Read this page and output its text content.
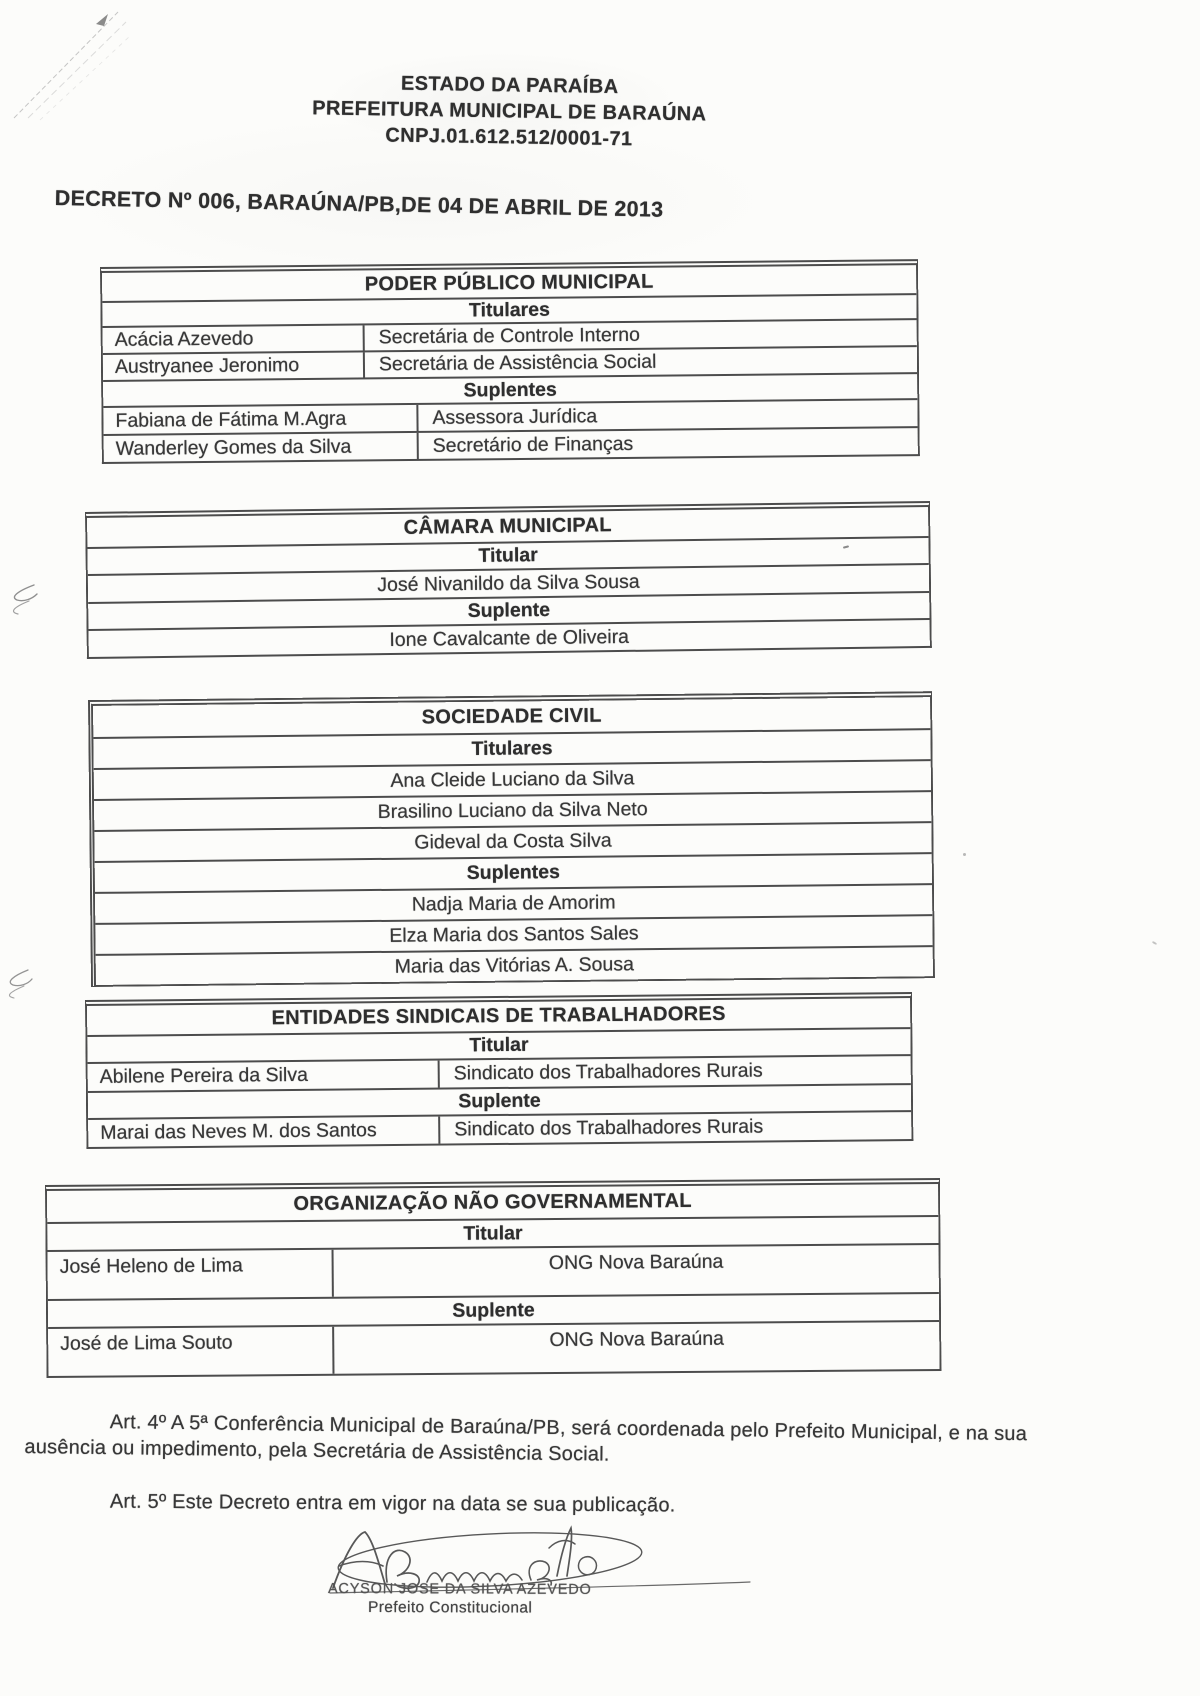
ESTADO DA PARAÍBA
PREFEITURA MUNICIPAL DE BARAÚNA
CNPJ.01.612.512/0001-71
DECRETO Nº 006, BARAÚNA/PB,DE 04 DE ABRIL DE 2013
PODER PÚBLICO MUNICIPAL
Titulares
Acácia Azevedo	Secretária de Controle Interno
Austryanee Jeronimo	Secretária de Assistência Social
Suplentes
Fabiana de Fátima M.Agra	Assessora Jurídica
Wanderley Gomes da Silva	Secretário de Finanças
CÂMARA MUNICIPAL
Titular
José Nivanildo da Silva Sousa
Suplente
Ione Cavalcante de Oliveira
SOCIEDADE CIVIL
Titulares
Ana Cleide Luciano da Silva
Brasilino Luciano da Silva Neto
Gideval da Costa Silva
Suplentes
Nadja Maria de Amorim
Elza Maria dos Santos Sales
Maria das Vitórias A. Sousa
ENTIDADES SINDICAIS DE TRABALHADORES
Titular
Abilene Pereira da Silva	Sindicato dos Trabalhadores Rurais
Suplente
Marai das Neves M. dos Santos	Sindicato dos Trabalhadores Rurais
ORGANIZAÇÃO NÃO GOVERNAMENTAL
Titular
José Heleno de Lima	ONG Nova Baraúna
Suplente
José de Lima Souto	ONG Nova Baraúna
Art. 4º A 5ª Conferência Municipal de Baraúna/PB, será coordenada pelo Prefeito Municipal, e na sua ausência ou impedimento, pela Secretária de Assistência Social.
Art. 5º Este Decreto entra em vigor na data se sua publicação.
ACYSON JOSE DA SILVA AZEVEDO
Prefeito Constitucional
